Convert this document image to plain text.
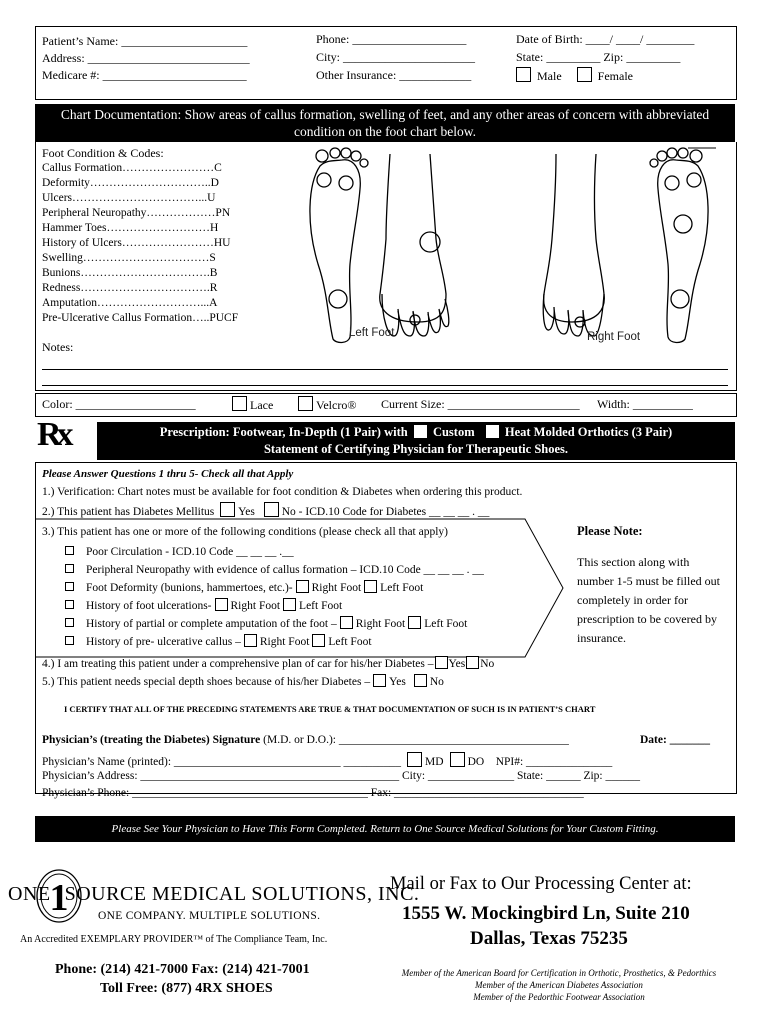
Patient’s Name: _____________________
Address: ___________________________
Medicare #: ________________________
Phone: ___________________
City: ______________________
Other Insurance: ____________
Date of Birth: ____/ ____/ ________
State: _________ Zip: _________
Male	Female
Chart Documentation: Show areas of callus formation, swelling of feet, and any other areas of concern with abbreviated condition on the foot chart below.
Foot Condition & Codes:
Callus Formation……………………C
Deformity…………………………..D
Ulcers……………………………...U
Peripheral Neuropathy………………PN
Hammer Toes………………………H
History of Ulcers……………………HU
Swelling……………………………S
Bunions…………………………….B
Redness…………………………….R
Amputation………………………...A
Pre-Ulcerative Callus Formation…..PUCF
Notes:
Left Foot	Right Foot
Color: ____________________	Lace	Velcro® Current Size: ______________________ Width: __________
Rx	Prescription: Footwear, In-Depth (1 Pair) with Custom Heat Molded Orthotics (3 Pair)
Statement of Certifying Physician for Therapeutic Shoes.
Please Answer Questions 1 thru 5- Check all that Apply
1.) Verification: Chart notes must be available for foot condition & Diabetes when ordering this product.
2.) This patient has Diabetes Mellitus Yes No - ICD.10 Code for Diabetes __ __ __ . __
3.) This patient has one or more of the following conditions (please check all that apply)
Poor Circulation - ICD.10 Code __ __ __ .__
Peripheral Neuropathy with evidence of callus formation – ICD.10 Code __ __ __ . __
Foot Deformity (bunions, hammertoes, etc.)- Right Foot Left Foot
History of foot ulcerations- Right Foot Left Foot
History of partial or complete amputation of the foot – Right Foot Left Foot
History of pre- ulcerative callus – Right Foot Left Foot
Please Note:
This section along with number 1-5 must be filled out completely in order for prescription to be covered by insurance.
4.) I am treating this patient under a comprehensive plan of car for his/her Diabetes – Yes No
5.) This patient needs special depth shoes because of his/her Diabetes – Yes No
I CERTIFY THAT ALL OF THE PRECEDING STATEMENTS ARE TRUE & THAT DOCUMENTATION OF SUCH IS IN PATIENT’S CHART
Physician’s (treating the Diabetes) Signature (M.D. or D.O.): ________________________________________	Date: _______
Physician’s Name (printed): _____________________________ __________ MD DO NPI#: _______________
Physician’s Address: _____________________________________________ City: _______________ State: ______ Zip: ______
Physician’s Phone: _________________________________________ Fax: _________________________________
Please See Your Physician to Have This Form Completed. Return to One Source Medical Solutions for Your Custom Fitting.
1
ONE SOURCE MEDICAL SOLUTIONS, INC.
ONE COMPANY. MULTIPLE SOLUTIONS.
An Accredited EXEMPLARY PROVIDER™ of The Compliance Team, Inc.
Mail or Fax to Our Processing Center at:
1555 W. Mockingbird Ln, Suite 210
Dallas, Texas 75235
Phone: (214) 421-7000 Fax: (214) 421-7001
Toll Free: (877) 4RX SHOES
Member of the American Board for Certification in Orthotic, Prosthetics, & Pedorthics
Member of the American Diabetes Association
Member of the Pedorthic Footwear Association
